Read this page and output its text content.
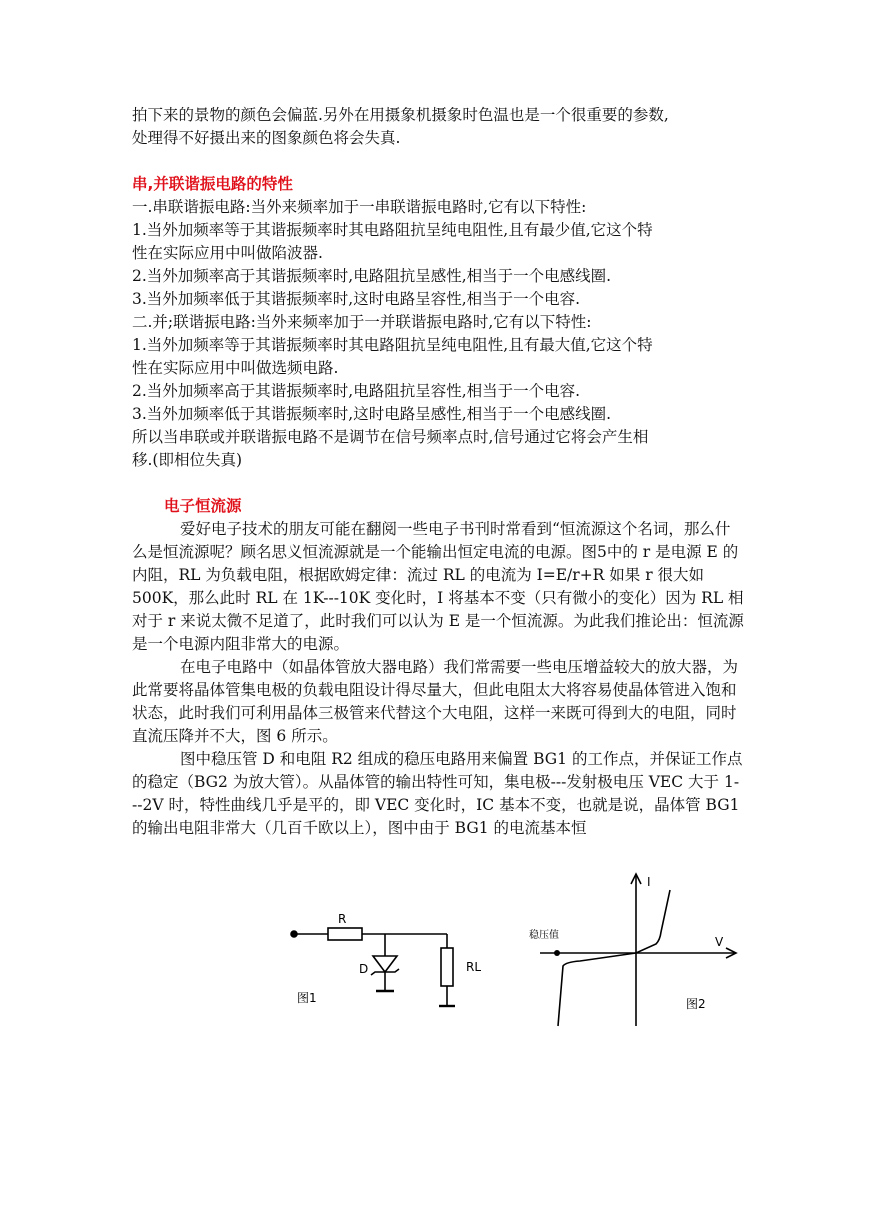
拍下来的景物的颜色会偏蓝.另外在用摄象机摄象时色温也是一个很重要的参数,

处理得不好摄出来的图象颜色将会失真.

串,并联谐振电路的特性

一.串联谐振电路:当外来频率加于一串联谐振电路时,它有以下特性:

1.当外加频率等于其谐振频率时其电路阻抗呈纯电阻性,且有最少值,它这个特

性在实际应用中叫做陷波器.

2.当外加频率高于其谐振频率时,电路阻抗呈感性,相当于一个电感线圈.

3.当外加频率低于其谐振频率时,这时电路呈容性,相当于一个电容.

二.并;联谐振电路:当外来频率加于一并联谐振电路时,它有以下特性:

1.当外加频率等于其谐振频率时其电路阻抗呈纯电阻性,且有最大值,它这个特

性在实际应用中叫做选频电路.

2.当外加频率高于其谐振频率时,电路阻抗呈容性,相当于一个电容.

3.当外加频率低于其谐振频率时,这时电路呈感性,相当于一个电感线圈.

所以当串联或并联谐振电路不是调节在信号频率点时,信号通过它将会产生相

移.(即相位失真)

电子恒流源

爱好电子技术的朋友可能在翻阅一些电子书刊时常看到“恒流源这个名词，那么什么是恒流源呢？顾名思义恒流源就是一个能输出恒定电流的电源。图5中的 r 是电源 E 的内阻，RL 为负载电阻，根据欧姆定律：流过 RL 的电流为 I=E/r+R 如果 r 很大如 500K，那么此时 RL 在 1K---10K 变化时，I 将基本不变（只有微小的变化）因为 RL 相对于 r 来说太微不足道了，此时我们可以认为 E 是一个恒流源。为此我们推论出：恒流源是一个电源内阻非常大的电源。

在电子电路中（如晶体管放大器电路）我们常需要一些电压增益较大的放大器，为此常要将晶体管集电极的负载电阻设计得尽量大，但此电阻太大将容易使晶体管进入饱和状态，此时我们可利用晶体三极管来代替这个大电阻，这样一来既可得到大的电阻，同时直流压降并不大，图 6 所示。

图中稳压管 D 和电阻 R2 组成的稳压电路用来偏置 BG1 的工作点，并保证工作点的稳定（BG2 为放大管）。从晶体管的输出特性可知，集电极---发射极电压 VEC 大于 1---2V 时，特性曲线几乎是平的，即 VEC 变化时，IC 基本不变，也就是说，晶体管 BG1 的输出电阻非常大（几百千欧以上），图中由于 BG1 的电流基本恒

R
D	RL
图1
I
V
稳压值
图2
